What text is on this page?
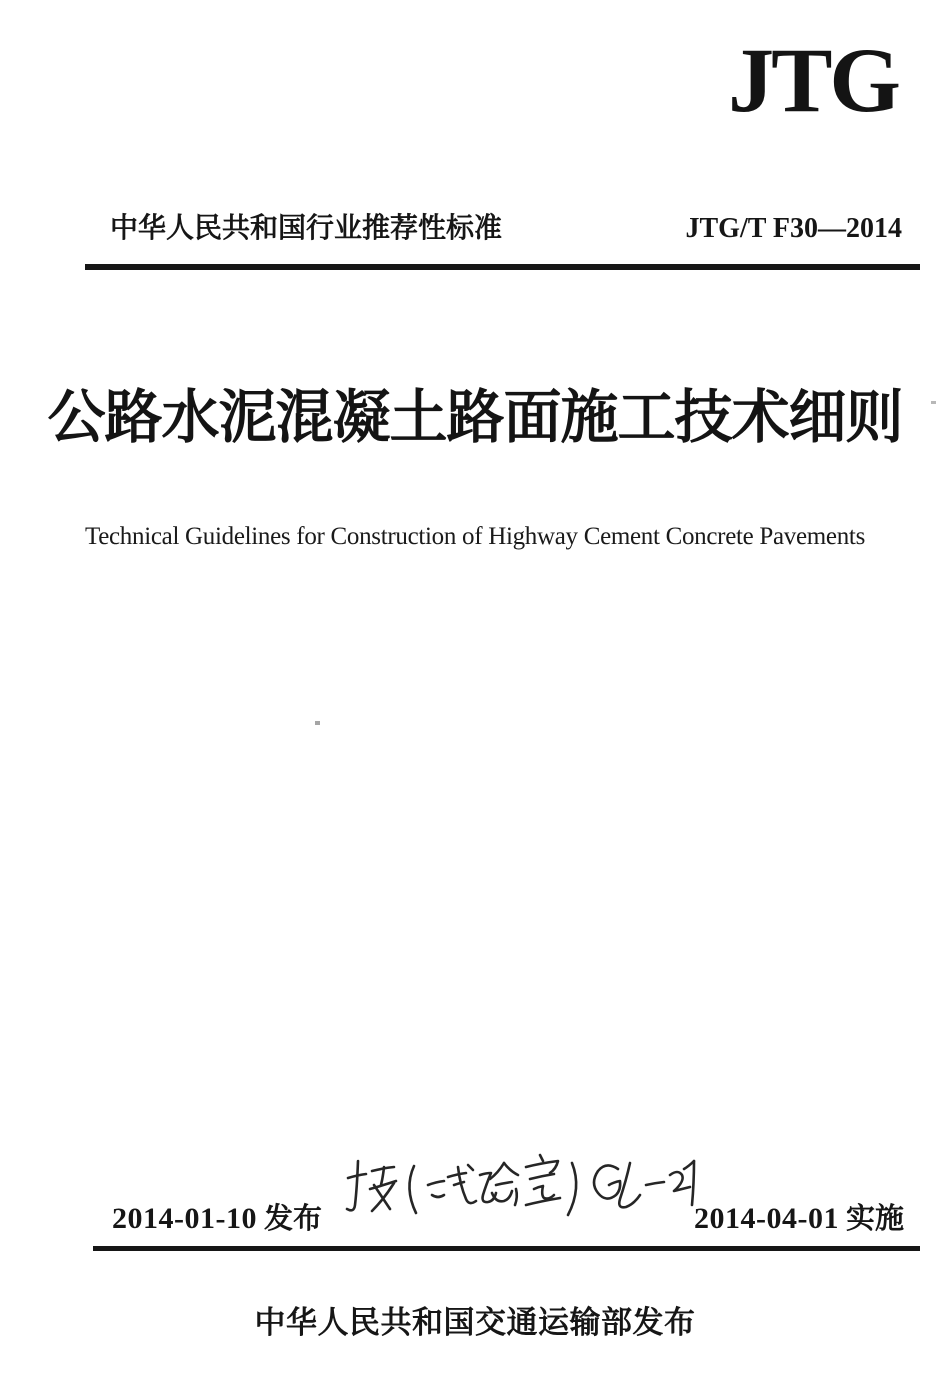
JTG
中华人民共和国行业推荐性标准	JTG/T F30—2014
公路水泥混凝土路面施工技术细则
Technical Guidelines for Construction of Highway Cement Concrete Pavements
2014-01-10 发布	2014-04-01 实施
中华人民共和国交通运输部发布
